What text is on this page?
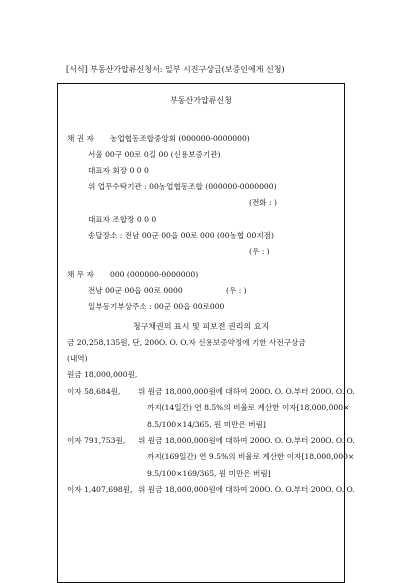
[서식] 부동산가압류신청서: 일부 시진구상금(보증인에게 신청)
부동산가압류신청
채 권 자 농업협동조합중앙회 (000000-0000000)
서울 00구 00로 0길 00 (신용보증기관)
대표자 회장 0 0 0
위 업무수탁기관 : 00농업협동조합 (000000-0000000)
(전화 : )
대표자 조합장 0 0 0
송달장소 : 전남 00군 00읍 00로 000 (00농협 00지점)
(우 : )
채 무 자 000 (000000-0000000)
전남 00군 00읍 00로 0000	(우 : )
일부등기부상주소 : 00군 00읍 00로000
청구채권의 표시 및 피보전 권리의 요지
금 20,258,135원, 단, 200O. O. O.자 신용보증약정에 기한 사전구상금
(내역)
원금 18,000,000원,
이자 58,684원, 위 원금 18,000,000원에 대하여 200O. O. O.부터 200O. O. O.
까지(14일간) 연 8.5%의 비율로 계산한 이자[18,000,000×
8.5/100×14/365, 원 미만은 버림]
이자 791,753원, 위 원금 18,000,000원에 대하여 200O. O. O.부터 200O. O. O.
까지(169일간) 연 9.5%의 비율로 계산한 이자[18,000,000×
9.5/100×169/365, 원 미만은 버림]
이자 1,407,698원, 위 원금 18,000,000원에 대하여 200O. O. O.부터 200O. O. O.
